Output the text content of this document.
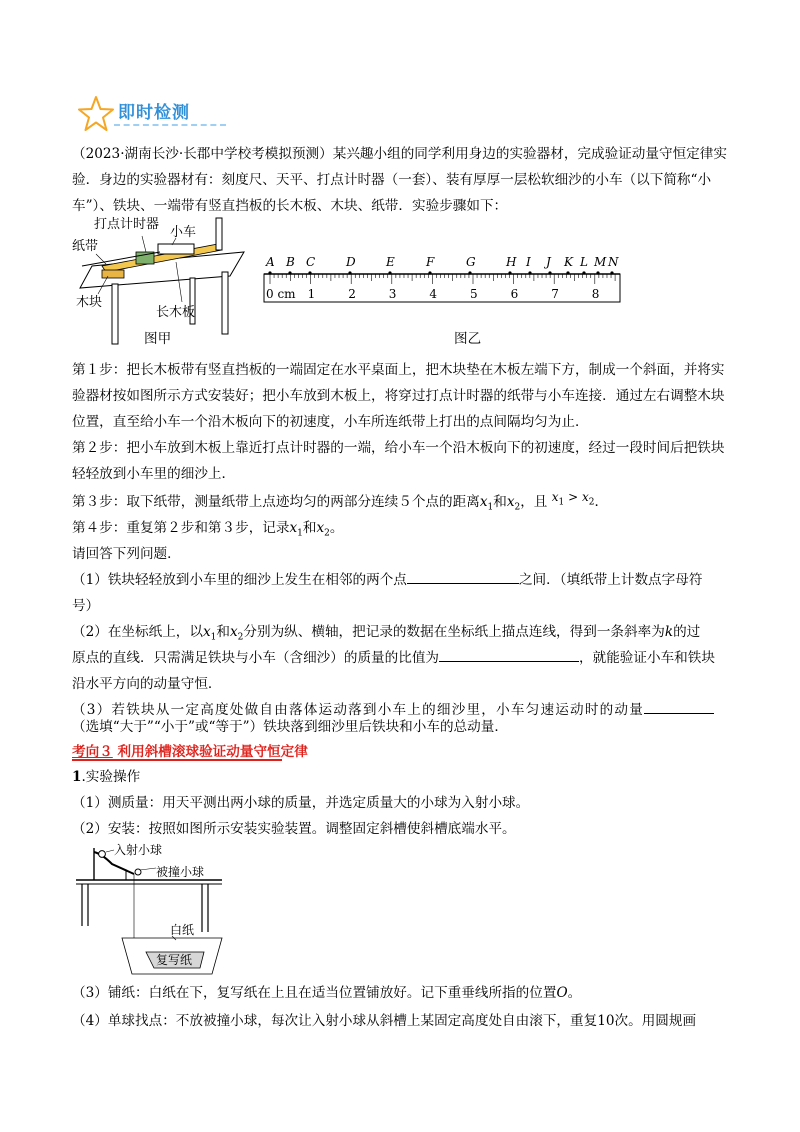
即时检测

（2023·湖南长沙·长郡中学校考模拟预测）某兴趣小组的同学利用身边的实验器材，完成验证动量守恒定律实验．身边的实验器材有：刻度尺、天平、打点计时器（一套）、装有厚厚一层松软细沙的小车（以下简称“小车”）、铁块、一端带有竖直挡板的长木板、木块、纸带．实验步骤如下：

打点计时器
小车
纸带
木块
长木板
图甲
A B C	D	E	F	G	H I J K L M N
1	2	3	4	5	6	7	8
0 cm
图乙

第１步：把长木板带有竖直挡板的一端固定在水平桌面上，把木块垫在木板左端下方，制成一个斜面，并将实验器材按如图所示方式安装好；把小车放到木板上，将穿过打点计时器的纸带与小车连接．通过左右调整木块位置，直至给小车一个沿木板向下的初速度，小车所连纸带上打出的点间隔均匀为止．

第２步：把小车放到木板上靠近打点计时器的一端，给小车一个沿木板向下的初速度，经过一段时间后把铁块轻轻放到小车里的细沙上．

第３步：取下纸带，测量纸带上点迹均匀的两部分连续５个点的距离$x_1$和$x_2$，且 $x_1 > x_2$．
第４步：重复第２步和第３步，记录$x_1$和$x_2$。
请回答下列问题．
（1）铁块轻轻放到小车里的细沙上发生在相邻的两个点	之间．（填纸带上计数点字母符
号）
（2）在坐标纸上，以$x_1$和$x_2$分别为纵、横轴，把记录的数据在坐标纸上描点连线，得到一条斜率为k的过
原点的直线．只需满足铁块与小车（含细沙）的质量的比值为	，就能验证小车和铁块
沿水平方向的动量守恒．
（3）若铁块从一定高度处做自由落体运动落到小车上的细沙里，小车匀速运动时的动量
（选填“大于”“小于”或“等于”）铁块落到细沙里后铁块和小车的总动量．
考向３ 利用斜槽滚球验证动量守恒定律
1.实验操作
（1）测质量：用天平测出两小球的质量，并选定质量大的小球为入射小球。
（2）安装：按照如图所示安装实验装置。调整固定斜槽使斜槽底端水平。
入射小球
被撞小球
白纸
复写纸
（3）铺纸：白纸在下，复写纸在上且在适当位置铺放好。记下重垂线所指的位置O。
（4）单球找点：不放被撞小球，每次让入射小球从斜槽上某固定高度处自由滚下，重复10次。用圆规画
